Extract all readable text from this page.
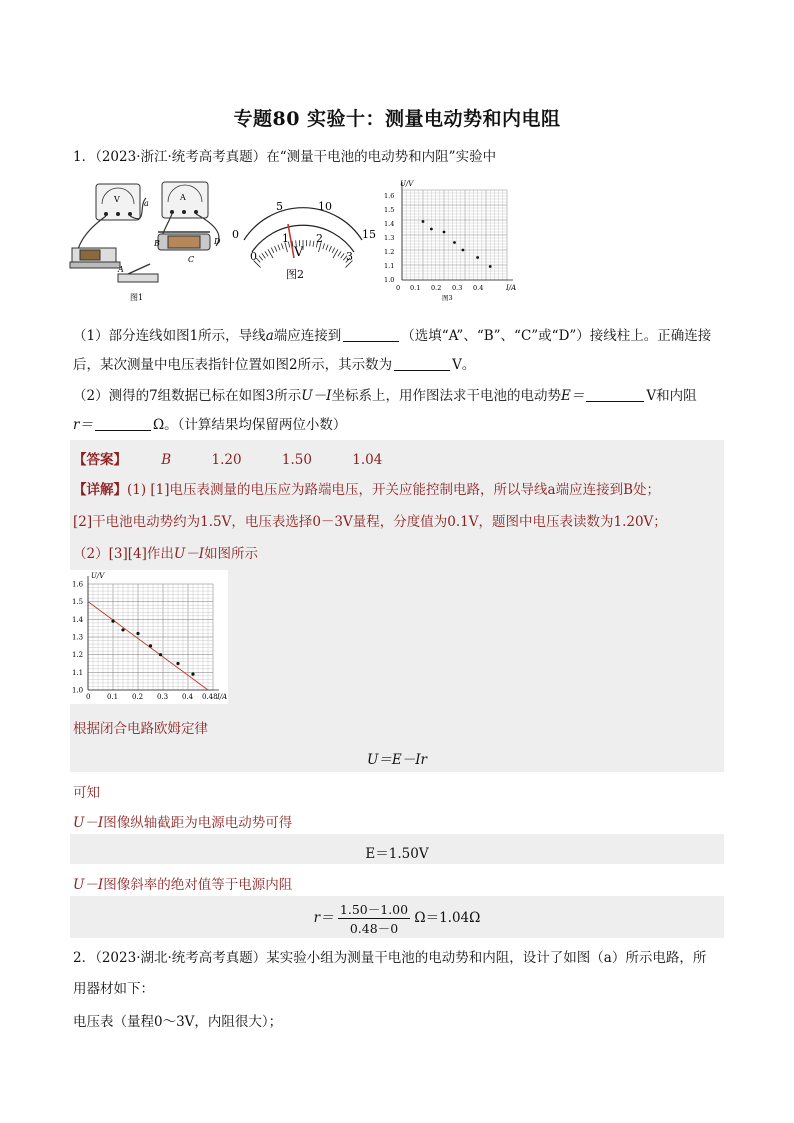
专题80 实验十：测量电动势和内电阻
1．（2023·浙江·统考高考真题）在“测量干电池的电动势和内阻”实验中
V	A
a
B
C
D
A
图1
0
5	10
15
0
1 2
3
V
图2
U/V
I/A
1.6
1.5
1.4
1.3
1.2
1.1
1.0
0 0.1 0.2 0.3 0.4
图3
（1）部分连线如图1所示，导线a端应连接到	（选填“A”、“B”、“C”或“D”）接线柱上。正确连接
后，某次测量中电压表指针位置如图2所示，其示数为	V。
（2）测得的7组数据已标在如图3所示U－I坐标系上，用作图法求干电池的电动势E＝	V和内阻
r＝	Ω。（计算结果均保留两位小数）
【答案】	B	1.20	1.50	1.04
【详解】(1) [1]电压表测量的电压应为路端电压，开关应能控制电路，所以导线a端应连接到B处；
[2]干电池电动势约为1.5V，电压表选择0－3V量程，分度值为0.1V，题图中电压表读数为1.20V；
（2）[3][4]作出U－I如图所示
1.0
1.1
1.2
1.3
1.4
1.5
1.6
0 0.1 0.2 0.3 0.4 0.48 I/A
U/V
根据闭合电路欧姆定律
U＝E－Ir
可知
U－I图像纵轴截距为电源电动势可得
E＝1.50V
U－I图像斜率的绝对值等于电源内阻
$r= \frac{1.50-1.00}{0.48-0} \Omega=1.04\Omega$
2．（2023·湖北·统考高考真题）某实验小组为测量干电池的电动势和内阻，设计了如图（a）所示电路，所
用器材如下：
电压表（量程0～3V，内阻很大）；
